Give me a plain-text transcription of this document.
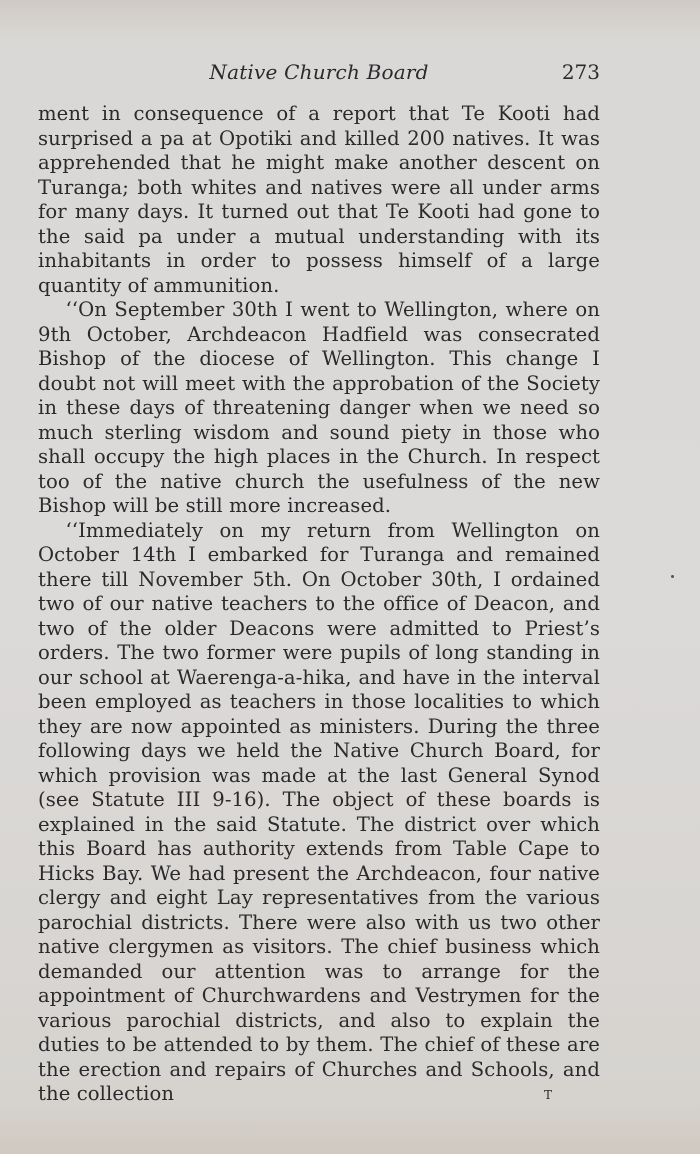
Native Church Board	273

ment in consequence of a report that Te Kooti had surprised a pa at Opotiki and killed 200 natives. It was apprehended that he might make another descent on Turanga; both whites and natives were all under arms for many days. It turned out that Te Kooti had gone to the said pa under a mutual understanding with its inhabitants in order to possess himself of a large quantity of ammunition.

‘‘On September 30th I went to Wellington, where on 9th October, Archdeacon Hadfield was consecrated Bishop of the diocese of Wellington. This change I doubt not will meet with the approbation of the Society in these days of threatening danger when we need so much sterling wisdom and sound piety in those who shall occupy the high places in the Church. In respect too of the native church the usefulness of the new Bishop will be still more increased.

‘‘Immediately on my return from Wellington on October 14th I embarked for Turanga and remained there till November 5th. On October 30th, I ordained two of our native teachers to the office of Deacon, and two of the older Deacons were admitted to Priest’s orders. The two former were pupils of long standing in our school at Waerenga-a-hika, and have in the interval been employed as teachers in those localities to which they are now appointed as ministers. During the three following days we held the Native Church Board, for which provision was made at the last General Synod (see Statute III 9-16). The object of these boards is explained in the said Statute. The district over which this Board has authority extends from Table Cape to Hicks Bay. We had present the Archdeacon, four native clergy and eight Lay representatives from the various parochial districts. There were also with us two other native clergymen as visitors. The chief business which demanded our attention was to arrange for the appointment of Churchwardens and Vestrymen for the various parochial districts, and also to explain the duties to be attended to by them. The chief of these are the erection and repairs of Churches and Schools, and the collection	T
